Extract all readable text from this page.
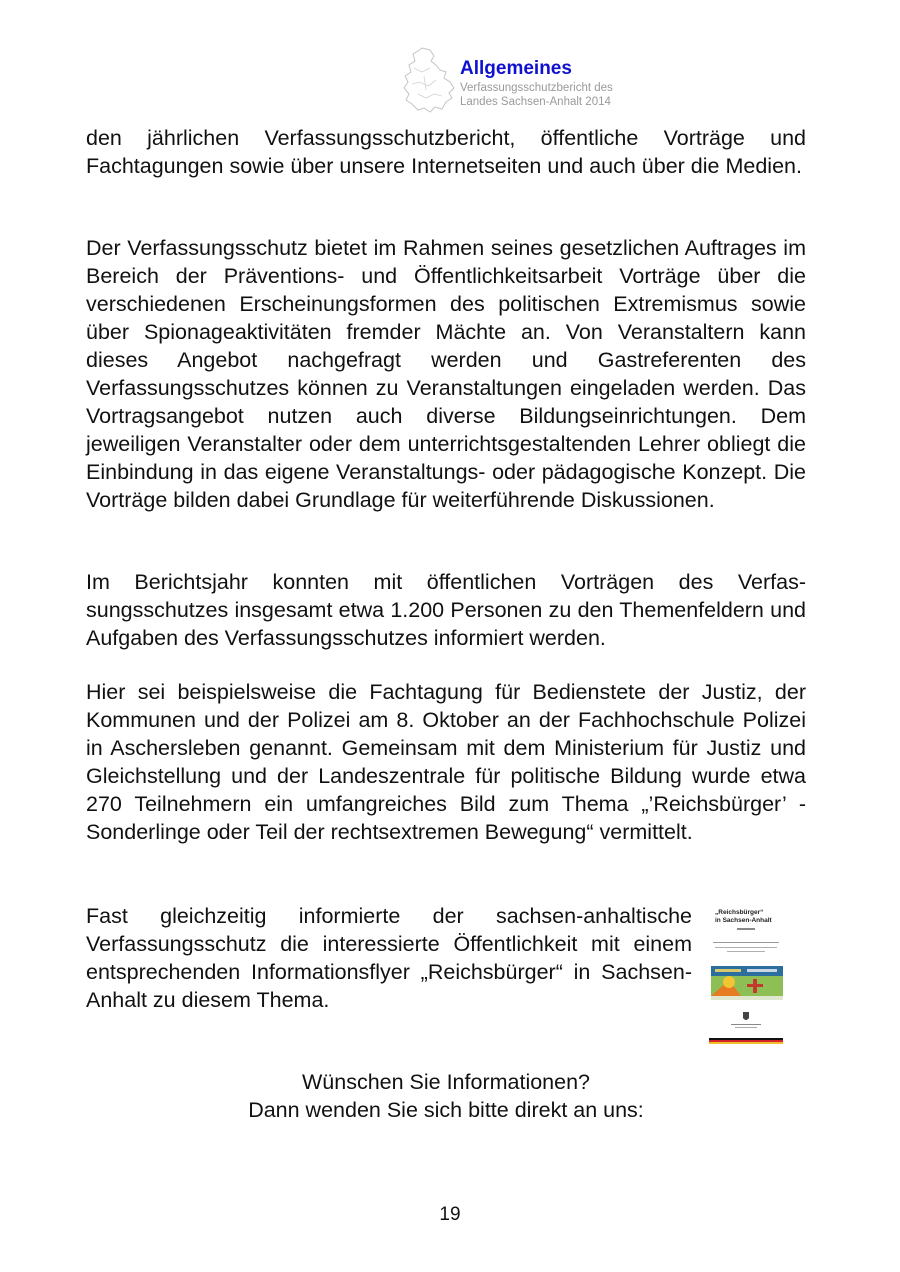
Allgemeines
Verfassungsschutzbericht des
Landes Sachsen-Anhalt 2014

den jährlichen Verfassungsschutzbericht, öffentliche Vorträge und Fachtagungen sowie über unsere Internetseiten und auch über die Medien.

Der Verfassungsschutz bietet im Rahmen seines gesetzlichen Auftrages im Bereich der Präventions- und Öffentlichkeitsarbeit Vorträge über die verschiedenen Erscheinungsformen des politischen Extremismus sowie über Spionageaktivitäten fremder Mächte an. Von Veranstaltern kann dieses Angebot nachgefragt werden und Gastreferenten des Verfassungsschutzes können zu Veranstaltungen eingeladen werden. Das Vortragsangebot nutzen auch diverse Bildungseinrichtungen. Dem jeweiligen Veranstalter oder dem unterrichtsgestaltenden Lehrer obliegt die Einbindung in das eigene Veranstaltungs- oder pädagogische Konzept. Die Vorträge bilden dabei Grundlage für weiterführende Diskussionen.

Im Berichtsjahr konnten mit öffentlichen Vorträgen des Verfassungsschutzes insgesamt etwa 1.200 Personen zu den Themenfeldern und Aufgaben des Verfassungsschutzes informiert werden.

Hier sei beispielsweise die Fachtagung für Bedienstete der Justiz, der Kommunen und der Polizei am 8. Oktober an der Fachhochschule Polizei in Aschersleben genannt. Gemeinsam mit dem Ministerium für Justiz und Gleichstellung und der Landeszentrale für politische Bildung wurde etwa 270 Teilnehmern ein umfangreiches Bild zum Thema „’Reichsbürger’ - Sonderlinge oder Teil der rechtsextremen Bewegung“ vermittelt.

Fast gleichzeitig informierte der sachsen-anhaltische Verfassungsschutz die interessierte Öffentlichkeit mit einem entsprechenden Informationsflyer „Reichsbürger“ in Sachsen-Anhalt zu diesem Thema.

„Reichsbürger“
in Sachsen-Anhalt

Wünschen Sie Informationen?

Dann wenden Sie sich bitte direkt an uns:

19
